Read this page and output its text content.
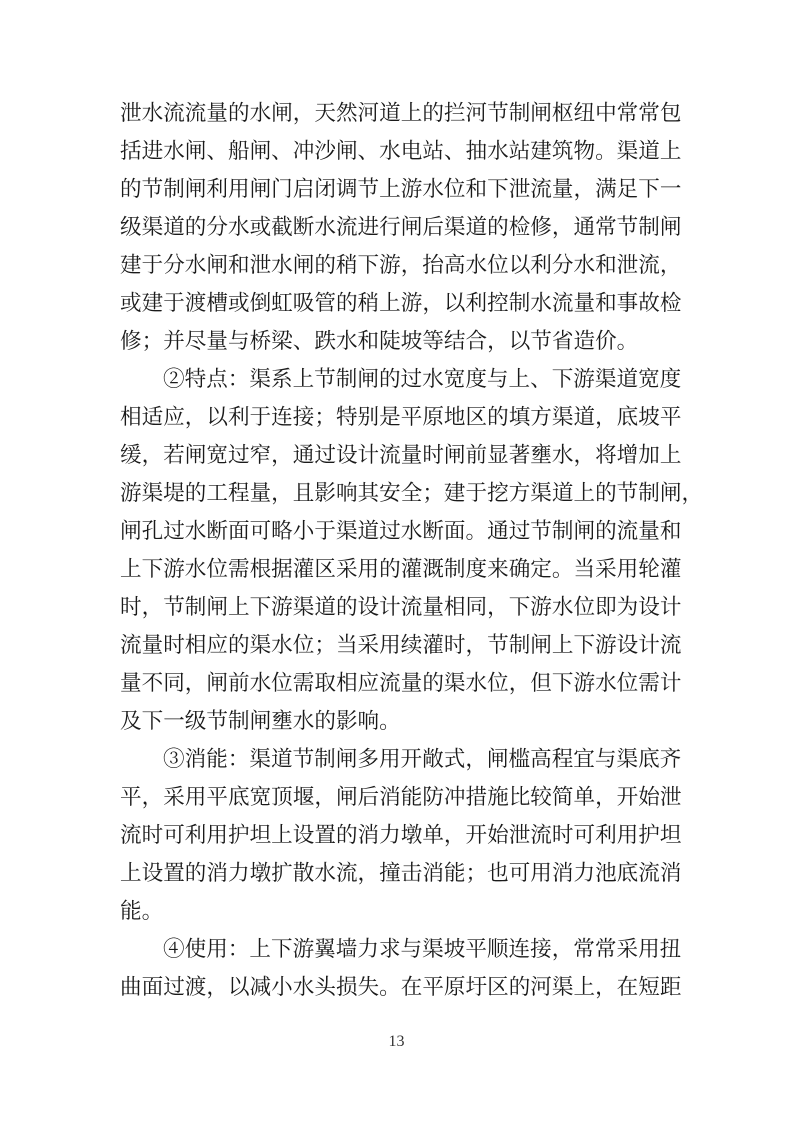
泄水流流量的水闸，天然河道上的拦河节制闸枢纽中常常包
括进水闸、船闸、冲沙闸、水电站、抽水站建筑物。渠道上
的节制闸利用闸门启闭调节上游水位和下泄流量，满足下一
级渠道的分水或截断水流进行闸后渠道的检修，通常节制闸
建于分水闸和泄水闸的稍下游，抬高水位以利分水和泄流，
或建于渡槽或倒虹吸管的稍上游，以利控制水流量和事故检
修；并尽量与桥梁、跌水和陡坡等结合，以节省造价。
②特点：渠系上节制闸的过水宽度与上、下游渠道宽度
相适应，以利于连接；特别是平原地区的填方渠道，底坡平
缓，若闸宽过窄，通过设计流量时闸前显著壅水，将增加上
游渠堤的工程量，且影响其安全；建于挖方渠道上的节制闸，
闸孔过水断面可略小于渠道过水断面。通过节制闸的流量和
上下游水位需根据灌区采用的灌溉制度来确定。当采用轮灌
时，节制闸上下游渠道的设计流量相同，下游水位即为设计
流量时相应的渠水位；当采用续灌时，节制闸上下游设计流
量不同，闸前水位需取相应流量的渠水位，但下游水位需计
及下一级节制闸壅水的影响。
③消能：渠道节制闸多用开敞式，闸槛高程宜与渠底齐
平，采用平底宽顶堰，闸后消能防冲措施比较简单，开始泄
流时可利用护坦上设置的消力墩单，开始泄流时可利用护坦
上设置的消力墩扩散水流，撞击消能；也可用消力池底流消
能。
④使用：上下游翼墙力求与渠坡平顺连接，常常采用扭
曲面过渡，以减小水头损失。在平原圩区的河渠上，在短距
13
